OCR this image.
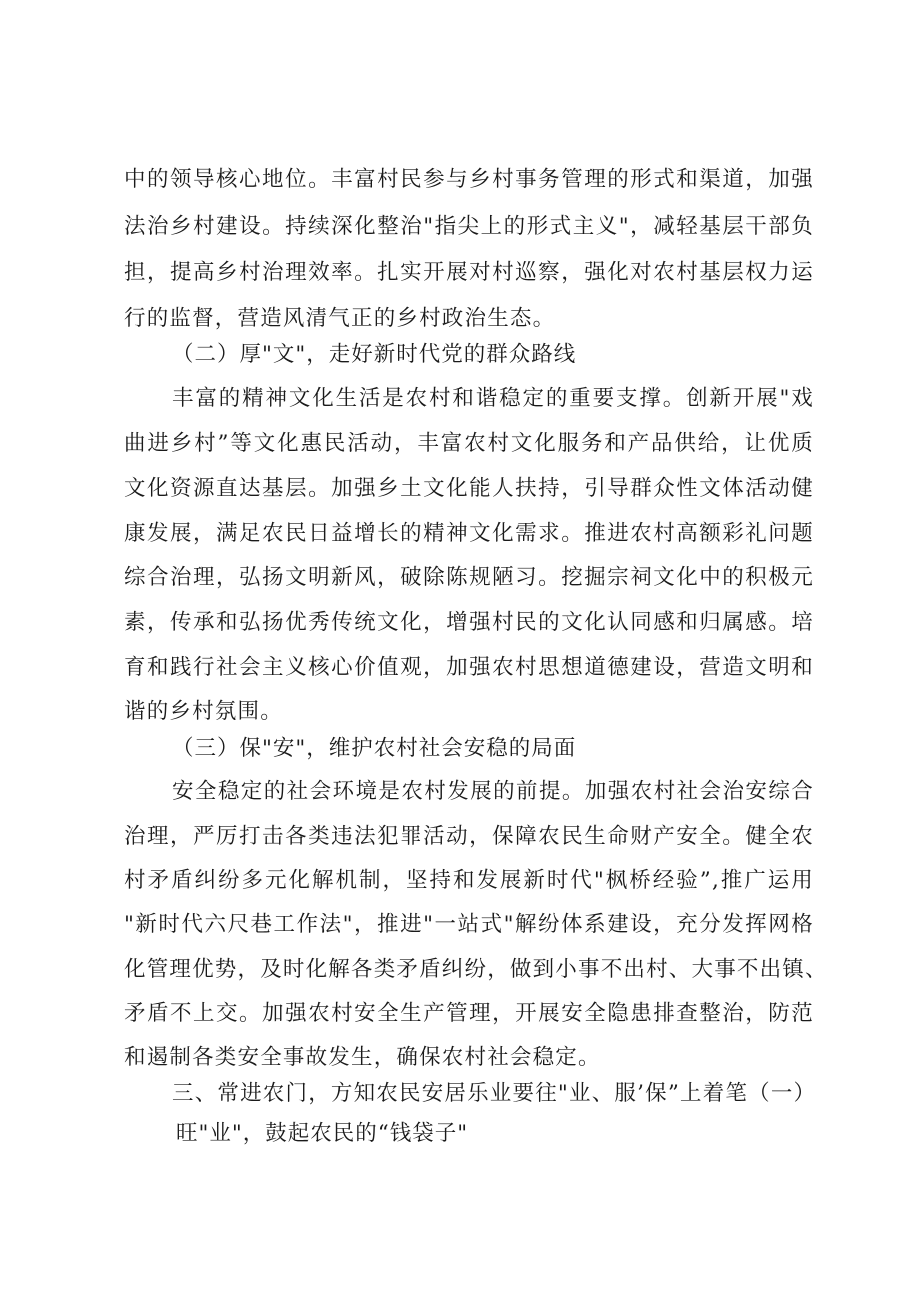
中的领导核心地位。丰富村民参与乡村事务管理的形式和渠道，加强
法治乡村建设。持续深化整治"指尖上的形式主义"，减轻基层干部负
担，提高乡村治理效率。扎实开展对村巡察，强化对农村基层权力运
行的监督，营造风清气正的乡村政治生态。
（二）厚"文"，走好新时代党的群众路线
丰富的精神文化生活是农村和谐稳定的重要支撑。创新开展"戏
曲进乡村”等文化惠民活动，丰富农村文化服务和产品供给，让优质
文化资源直达基层。加强乡土文化能人扶持，引导群众性文体活动健
康发展，满足农民日益增长的精神文化需求。推进农村高额彩礼问题
综合治理，弘扬文明新风，破除陈规陋习。挖掘宗祠文化中的积极元
素，传承和弘扬优秀传统文化，增强村民的文化认同感和归属感。培
育和践行社会主义核心价值观，加强农村思想道德建设，营造文明和
谐的乡村氛围。
（三）保"安"，维护农村社会安稳的局面
安全稳定的社会环境是农村发展的前提。加强农村社会治安综合
治理，严厉打击各类违法犯罪活动，保障农民生命财产安全。健全农
村矛盾纠纷多元化解机制，坚持和发展新时代"枫桥经验”,推广运用
"新时代六尺巷工作法"，推进"一站式"解纷体系建设，充分发挥网格
化管理优势，及时化解各类矛盾纠纷，做到小事不出村、大事不出镇、
矛盾不上交。加强农村安全生产管理，开展安全隐患排查整治，防范
和遏制各类安全事故发生，确保农村社会稳定。
三、常进农门，方知农民安居乐业要往"业、服’保”上着笔（一）
旺"业"，鼓起农民的“钱袋子"
